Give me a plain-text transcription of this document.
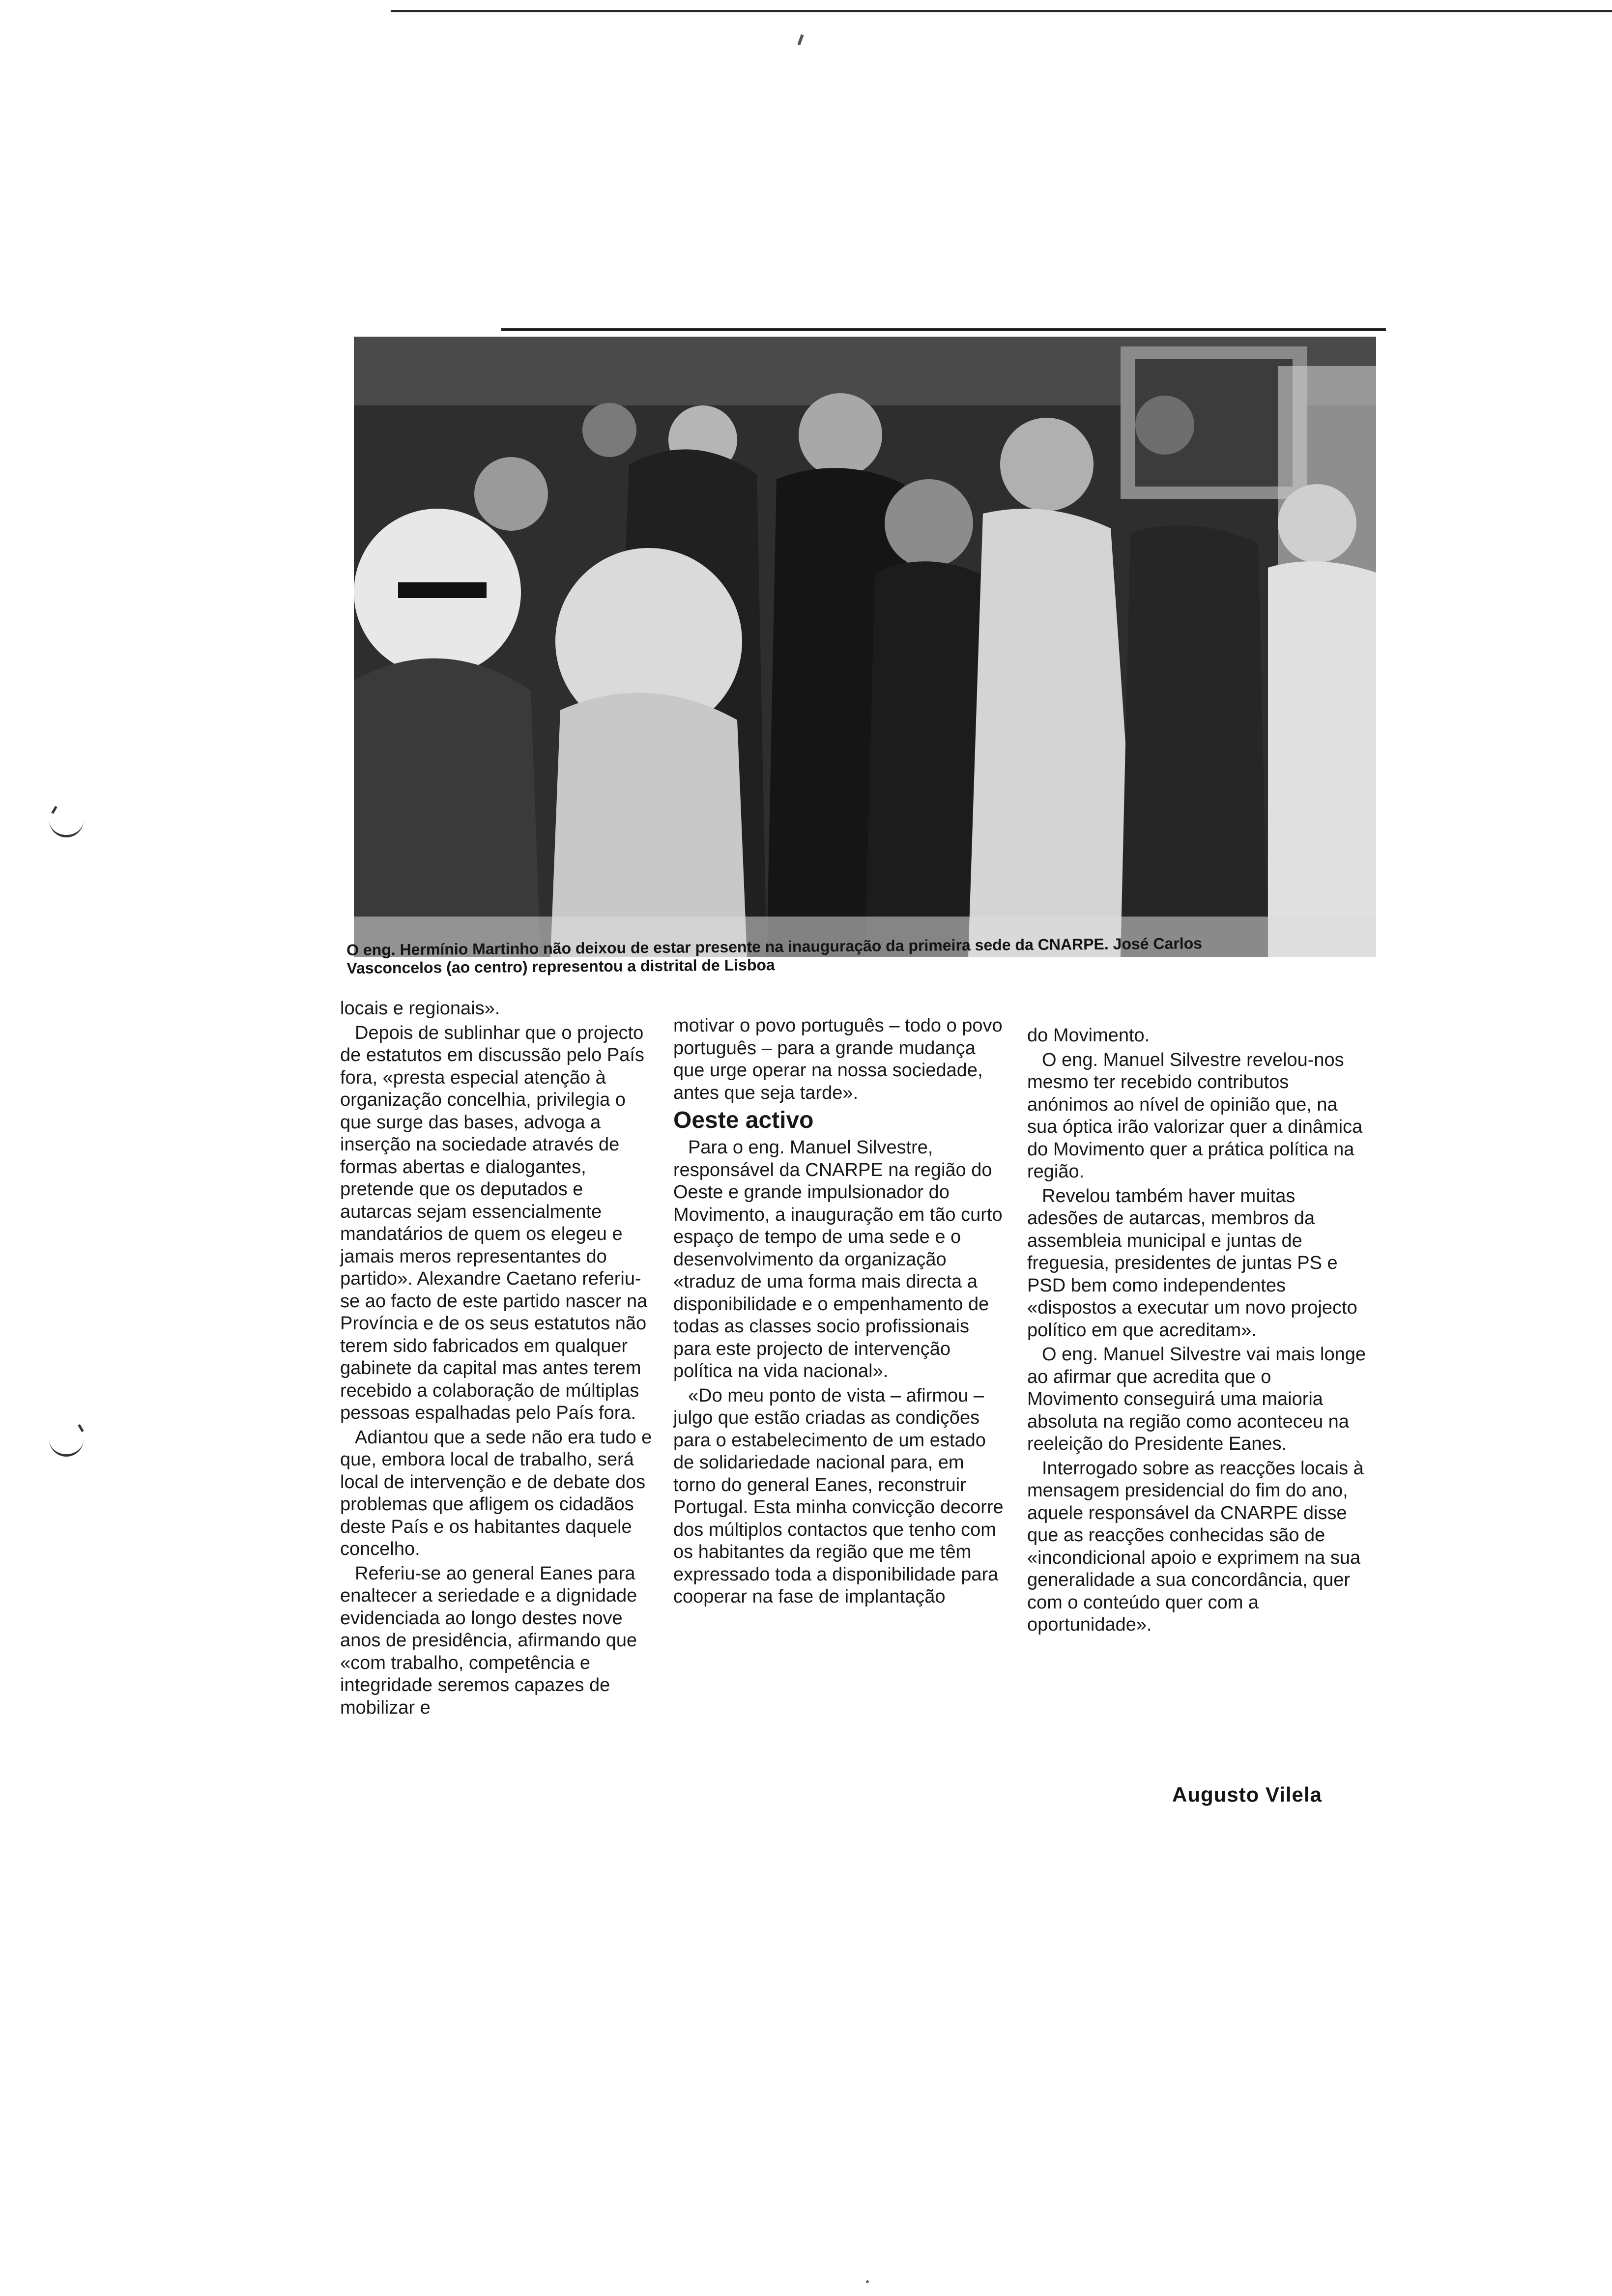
O eng. Hermínio Martinho não deixou de estar presente na inauguração da primeira sede da CNARPE. José Carlos

Vasconcelos (ao centro) representou a distrital de Lisboa

locais e regionais».

Depois de sublinhar que o projecto de estatutos em discussão pelo País fora, «presta especial atenção à organização concelhia, privilegia o que surge das bases, advoga a inserção na sociedade através de formas abertas e dialogantes, pretende que os deputados e autarcas sejam essencialmente mandatários de quem os elegeu e jamais meros representantes do partido». Alexandre Caetano referiu-se ao facto de este partido nascer na Província e de os seus estatutos não terem sido fabricados em qualquer gabinete da capital mas antes terem recebido a colaboração de múltiplas pessoas espalhadas pelo País fora.

Adiantou que a sede não era tudo e que, embora local de trabalho, será local de intervenção e de debate dos problemas que afligem os cidadãos deste País e os habitantes daquele concelho.

Referiu-se ao general Eanes para enaltecer a seriedade e a dignidade evidenciada ao longo destes nove anos de presidência, afirmando que «com trabalho, competência e integridade seremos capazes de mobilizar e

motivar o povo português – todo o povo português – para a grande mudança que urge operar na nossa sociedade, antes que seja tarde».

Oeste activo

Para o eng. Manuel Silvestre, responsável da CNARPE na região do Oeste e grande impulsionador do Movimento, a inauguração em tão curto espaço de tempo de uma sede e o desenvolvimento da organização «traduz de uma forma mais directa a disponibilidade e o empenhamento de todas as classes socio profissionais para este projecto de intervenção política na vida nacional».

«Do meu ponto de vista – afirmou – julgo que estão criadas as condições para o estabelecimento de um estado de solidariedade nacional para, em torno do general Eanes, reconstruir Portugal. Esta minha convicção decorre dos múltiplos contactos que tenho com os habitantes da região que me têm expressado toda a disponibilidade para cooperar na fase de implantação

do Movimento.

O eng. Manuel Silvestre revelou-nos mesmo ter recebido contributos anónimos ao nível de opinião que, na sua óptica irão valorizar quer a dinâmica do Movimento quer a prática política na região.

Revelou também haver muitas adesões de autarcas, membros da assembleia municipal e juntas de freguesia, presidentes de juntas PS e PSD bem como independentes «dispostos a executar um novo projecto político em que acreditam».

O eng. Manuel Silvestre vai mais longe ao afirmar que acredita que o Movimento conseguirá uma maioria absoluta na região como aconteceu na reeleição do Presidente Eanes.

Interrogado sobre as reacções locais à mensagem presidencial do fim do ano, aquele responsável da CNARPE disse que as reacções conhecidas são de «incondicional apoio e exprimem na sua generalidade a sua concordância, quer com o conteúdo quer com a oportunidade».

Augusto Vilela
